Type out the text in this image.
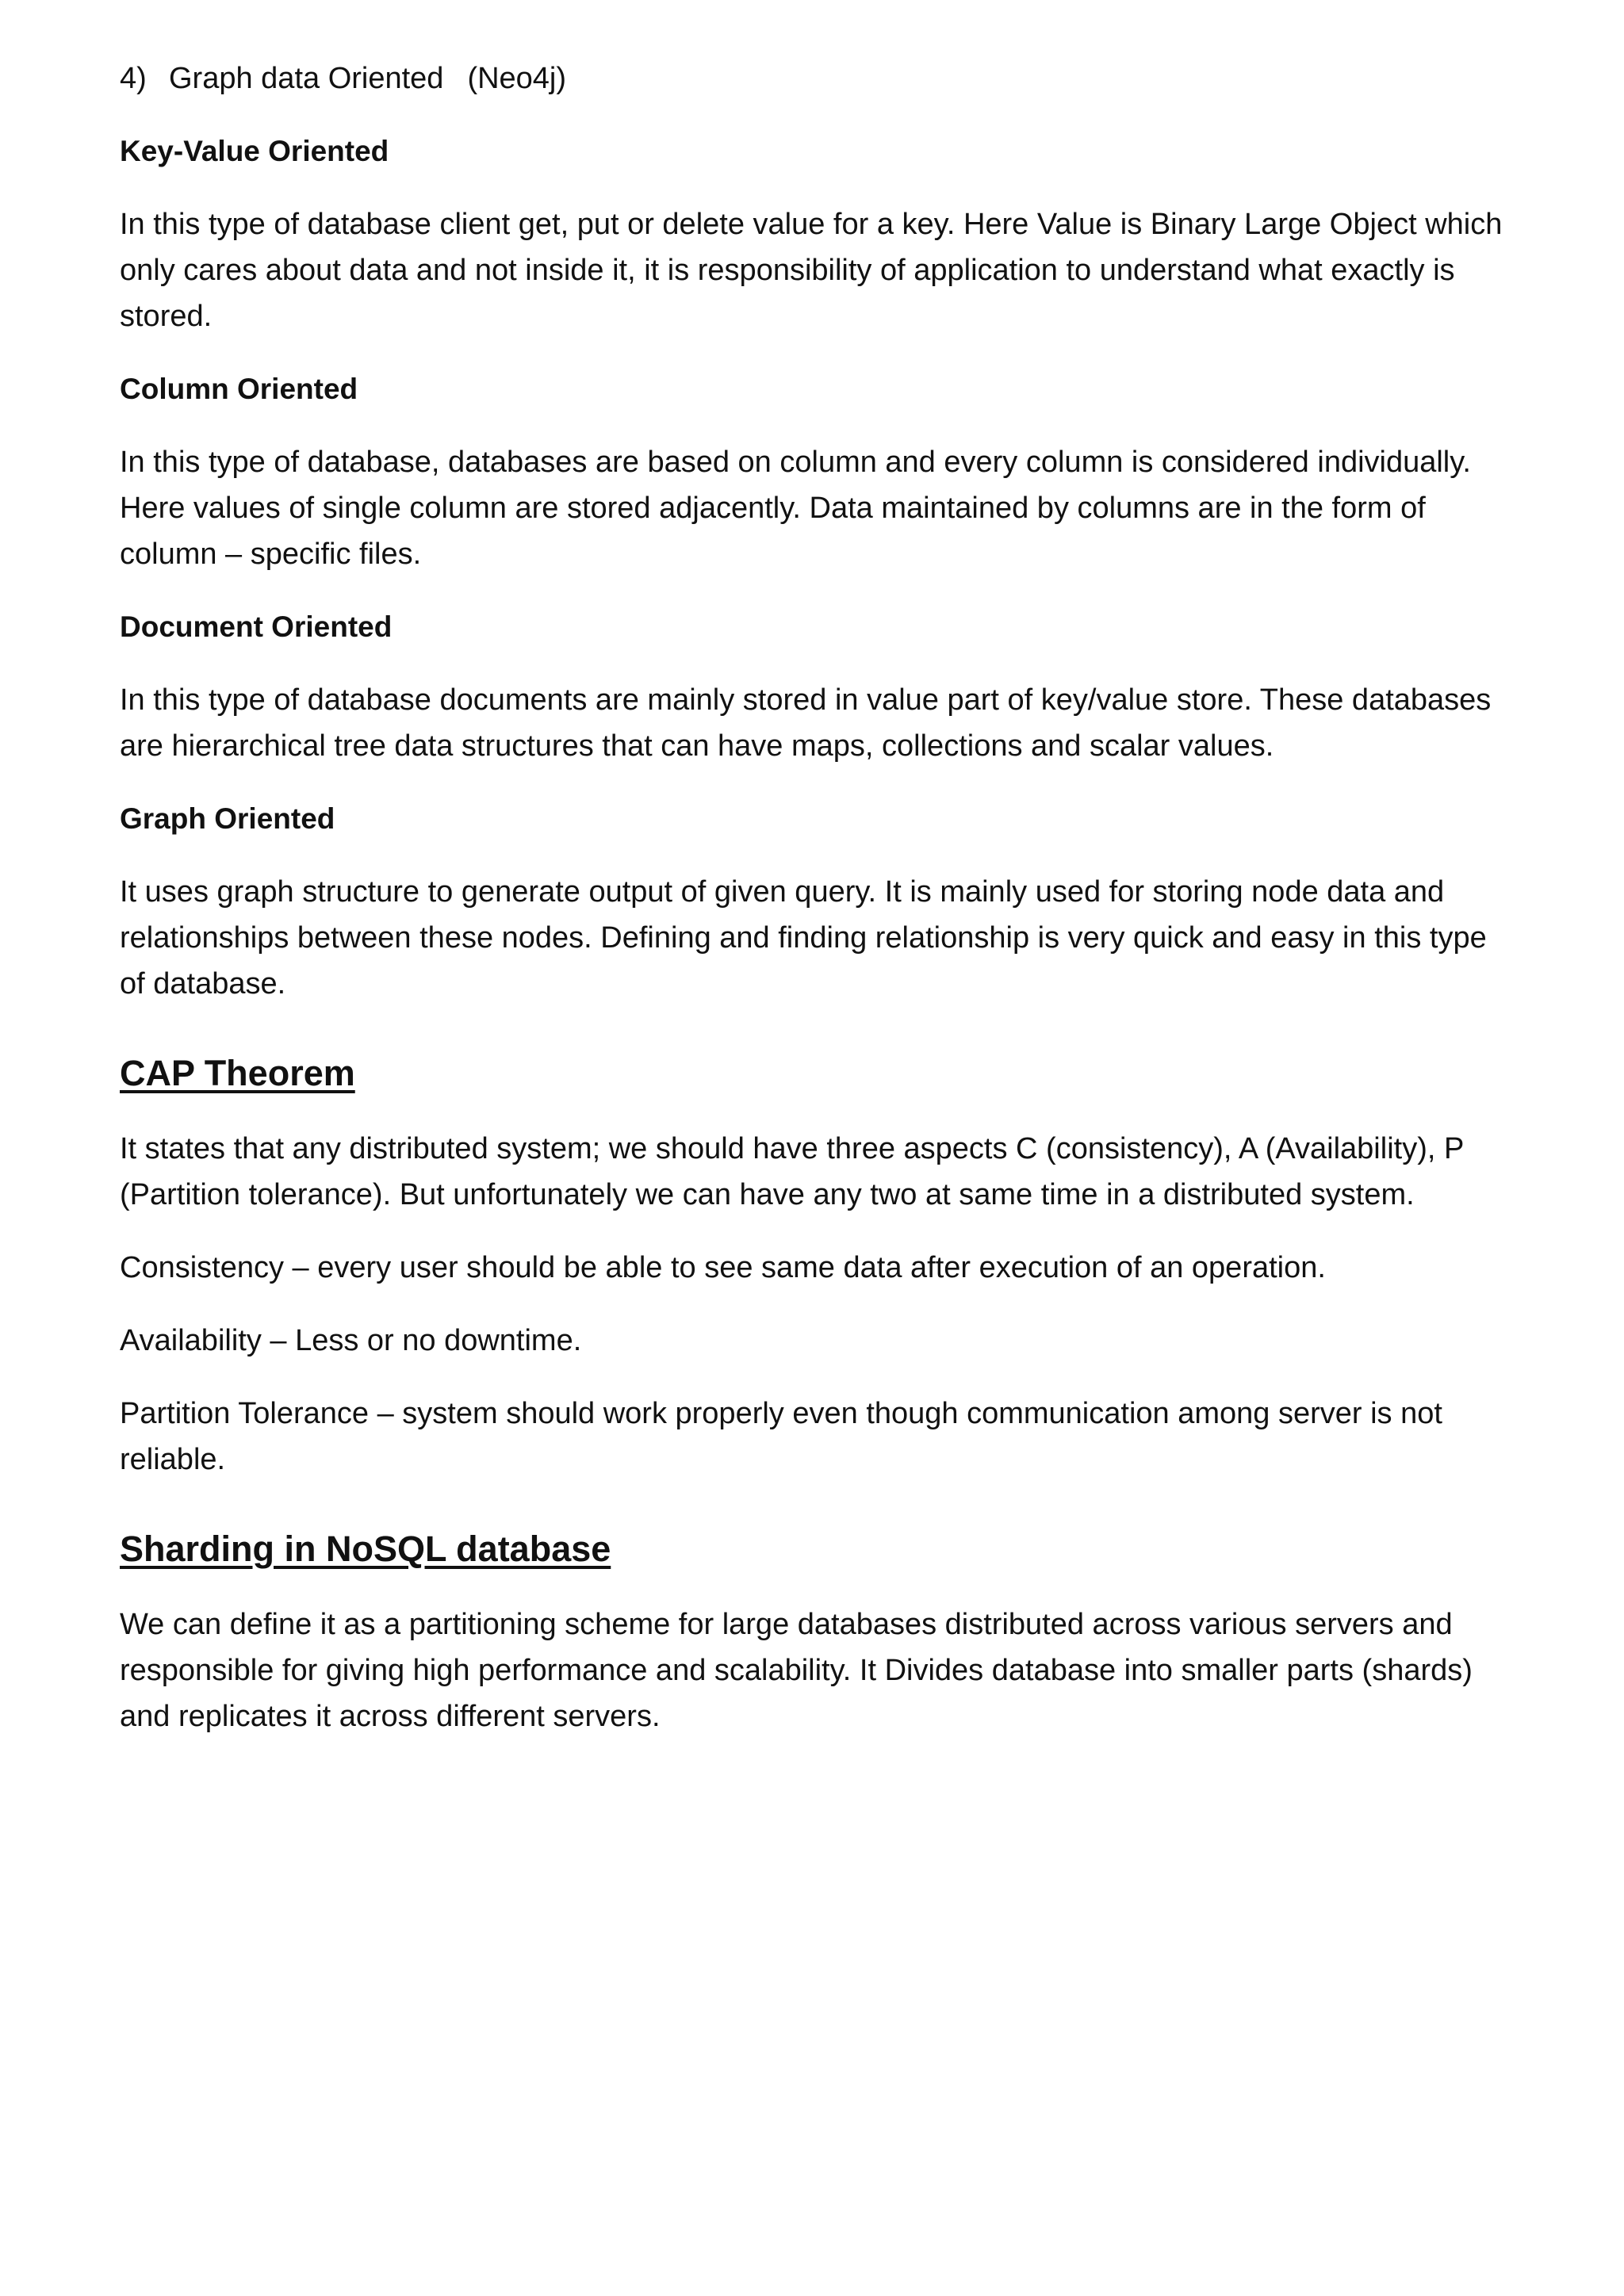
4) Graph data Oriented (Neo4j)

Key-Value Oriented

In this type of database client get, put or delete value for a key. Here Value is Binary Large Object which only cares about data and not inside it, it is responsibility of application to understand what exactly is stored.

Column Oriented

In this type of database, databases are based on column and every column is considered individually. Here values of single column are stored adjacently. Data maintained by columns are in the form of column – specific files.

Document Oriented

In this type of database documents are mainly stored in value part of key/value store. These databases are hierarchical tree data structures that can have maps, collections and scalar values.

Graph Oriented

It uses graph structure to generate output of given query. It is mainly used for storing node data and relationships between these nodes. Defining and finding relationship is very quick and easy in this type of database.

CAP Theorem

It states that any distributed system; we should have three aspects C (consistency), A (Availability), P (Partition tolerance). But unfortunately we can have any two at same time in a distributed system.

Consistency – every user should be able to see same data after execution of an operation.

Availability – Less or no downtime.

Partition Tolerance – system should work properly even though communication among server is not reliable.

Sharding in NoSQL database

We can define it as a partitioning scheme for large databases distributed across various servers and responsible for giving high performance and scalability. It Divides database into smaller parts (shards) and replicates it across different servers.
